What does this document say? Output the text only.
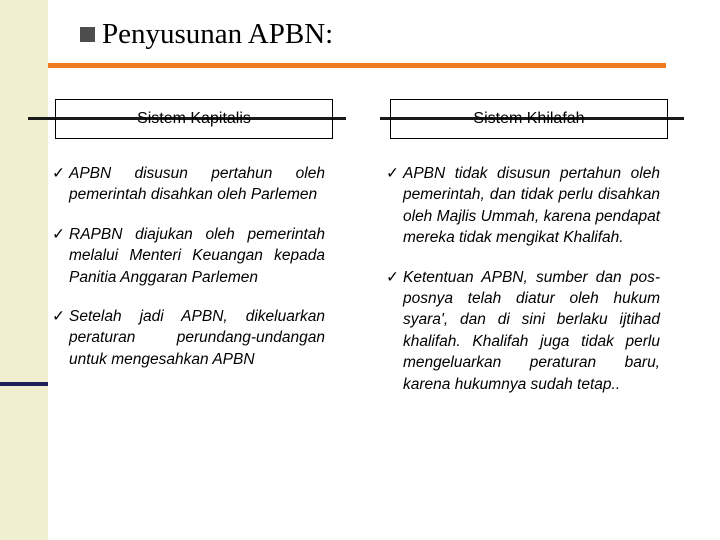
Penyusunan APBN:
Sistem Kapitalis	Sistem Khilafah
✓ APBN disusun pertahun oleh pemerintah disahkan oleh Parlemen
✓ RAPBN diajukan oleh pemerintah melalui Menteri Keuangan kepada Panitia Anggaran Parlemen
✓ Setelah jadi APBN, dikeluarkan peraturan perundang-undangan untuk mengesahkan APBN
✓ APBN tidak disusun pertahun oleh pemerintah, dan tidak perlu disahkan oleh Majlis Ummah, karena pendapat mereka tidak mengikat Khalifah.
✓ Ketentuan APBN, sumber dan pos-posnya telah diatur oleh hukum syara', dan di sini berlaku ijtihad khalifah. Khalifah juga tidak perlu mengeluarkan peraturan baru, karena hukumnya sudah tetap..
